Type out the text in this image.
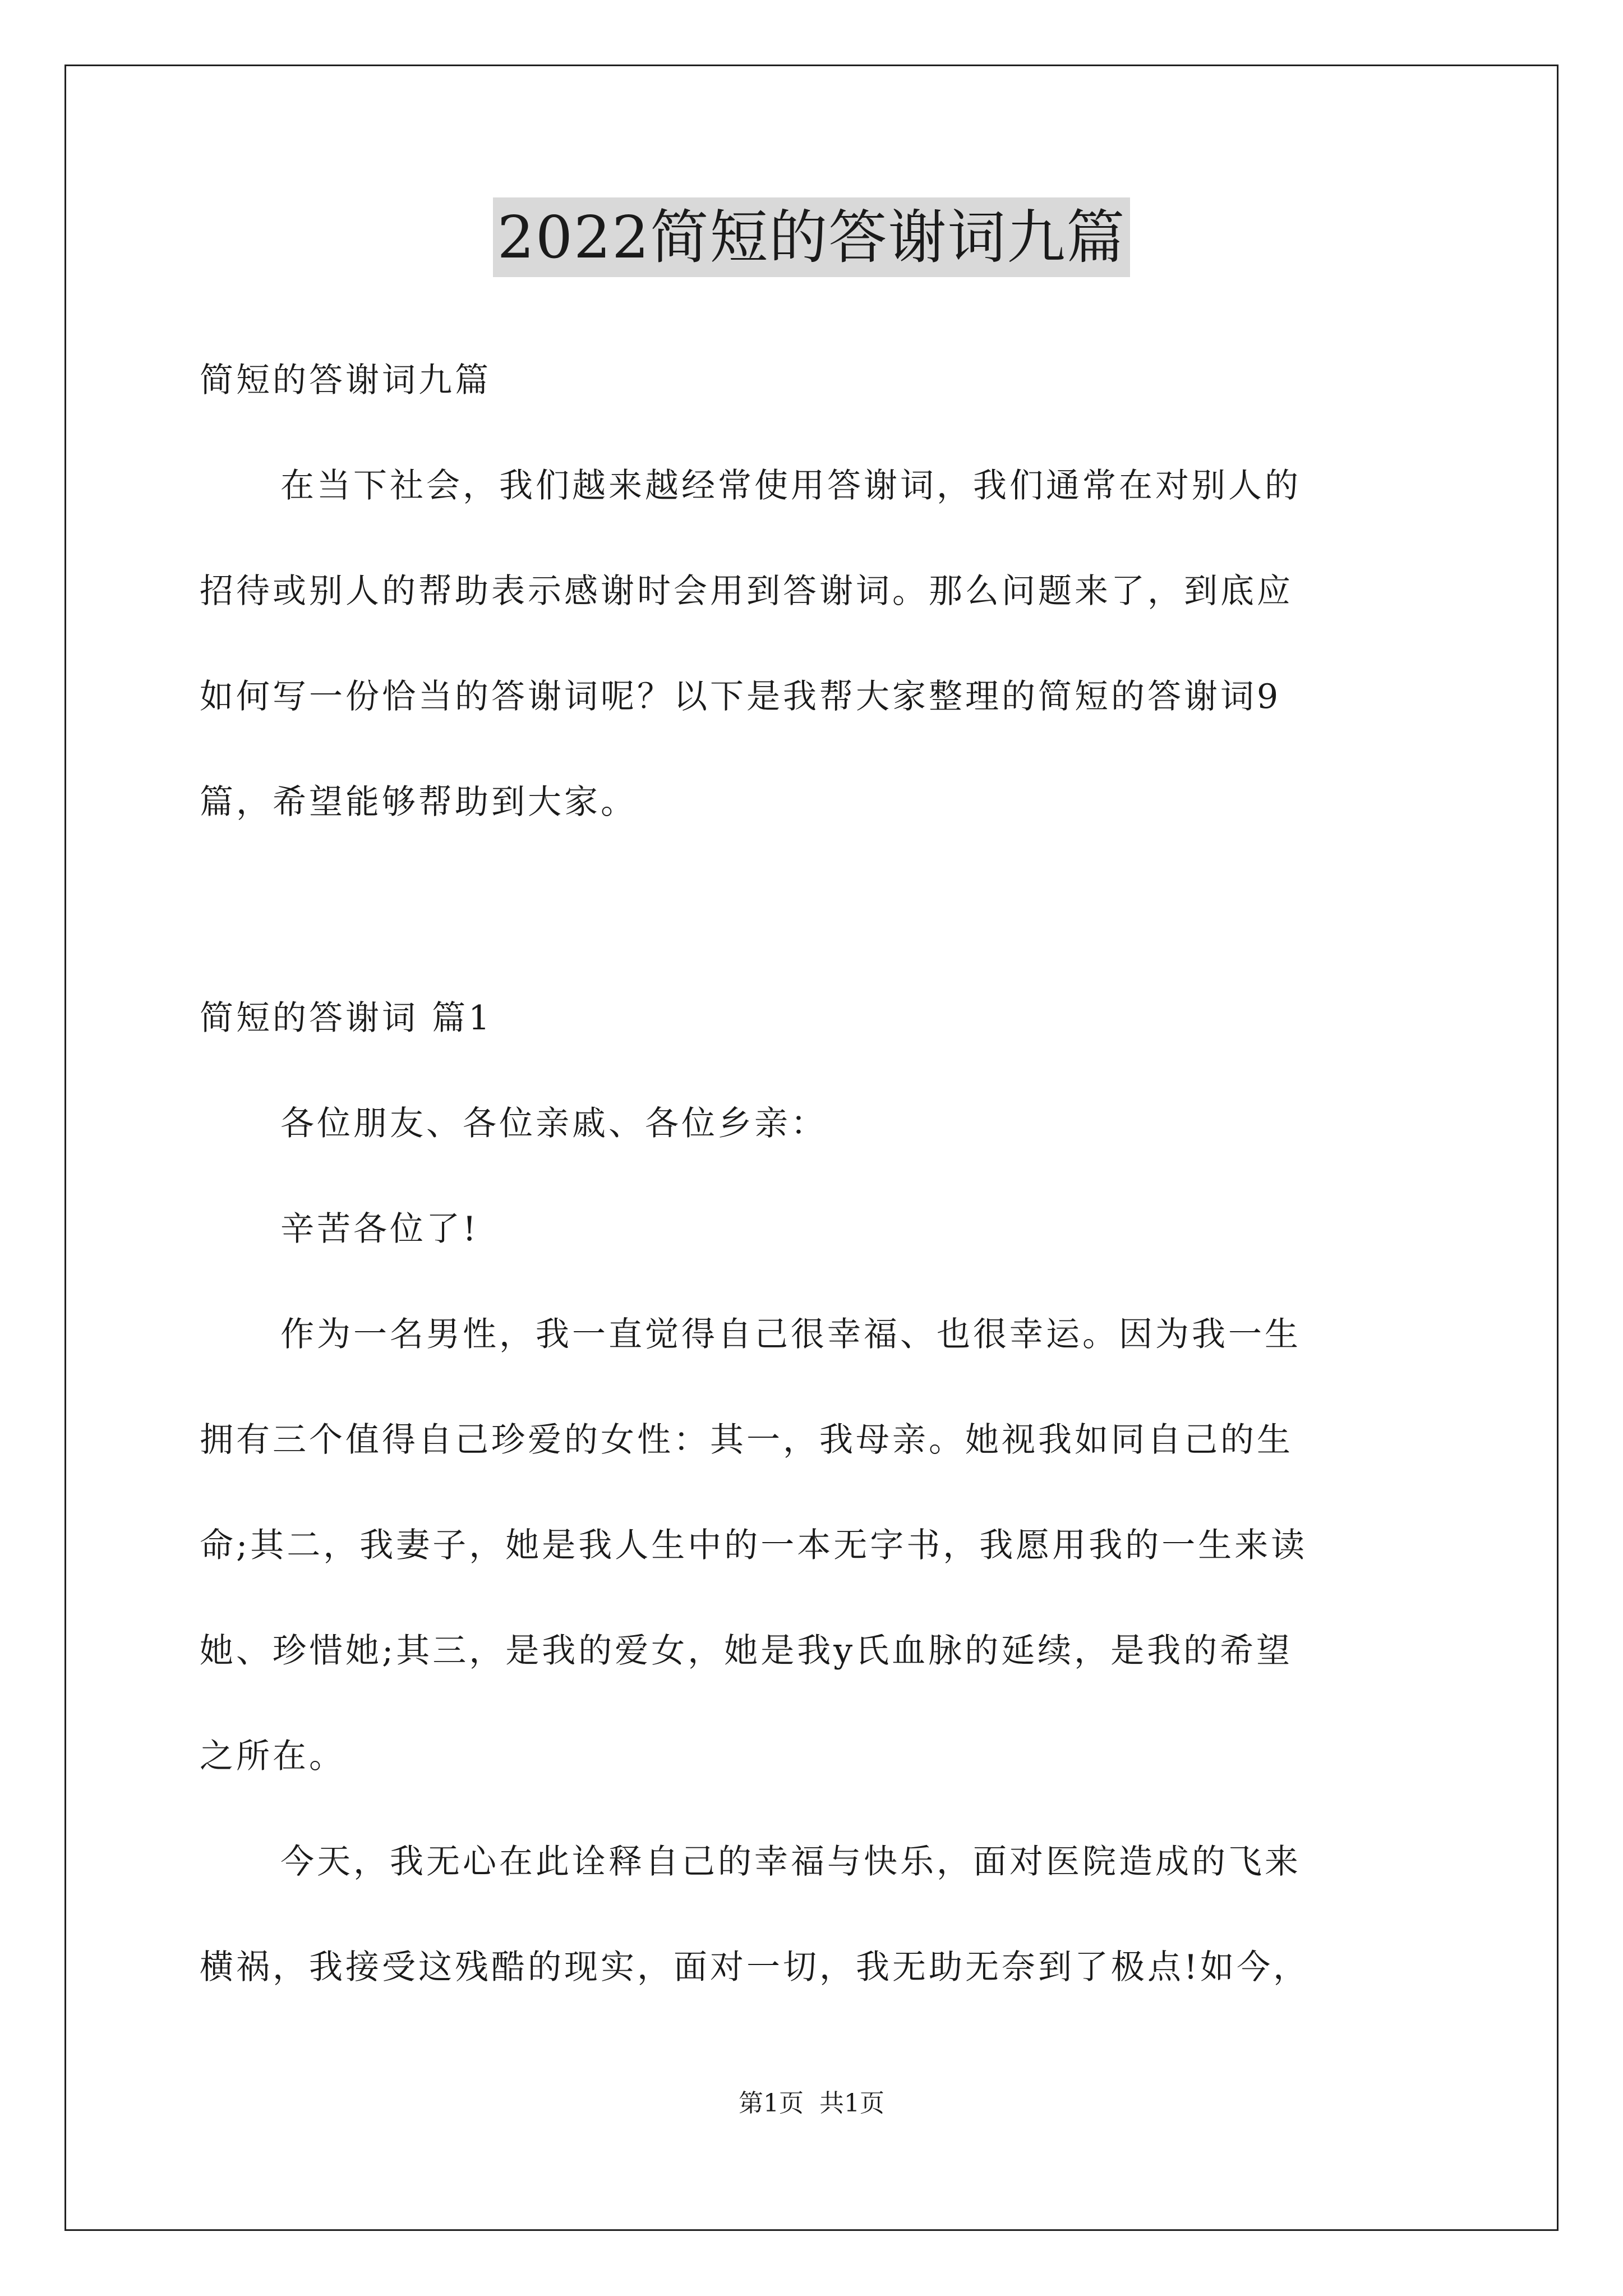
2022简短的答谢词九篇
简短的答谢词九篇
在当下社会，我们越来越经常使用答谢词，我们通常在对别人的
招待或别人的帮助表示感谢时会用到答谢词。那么问题来了，到底应
如何写一份恰当的答谢词呢？以下是我帮大家整理的简短的答谢词9
篇，希望能够帮助到大家。
简短的答谢词 篇1
各位朋友、各位亲戚、各位乡亲：
辛苦各位了!
作为一名男性，我一直觉得自己很幸福、也很幸运。因为我一生
拥有三个值得自己珍爱的女性：其一，我母亲。她视我如同自己的生
命;其二，我妻子，她是我人生中的一本无字书，我愿用我的一生来读
她、珍惜她;其三，是我的爱女，她是我y氏血脉的延续，是我的希望
之所在。
今天，我无心在此诠释自己的幸福与快乐，面对医院造成的飞来
横祸，我接受这残酷的现实，面对一切，我无助无奈到了极点!如今，
第1页 共1页
